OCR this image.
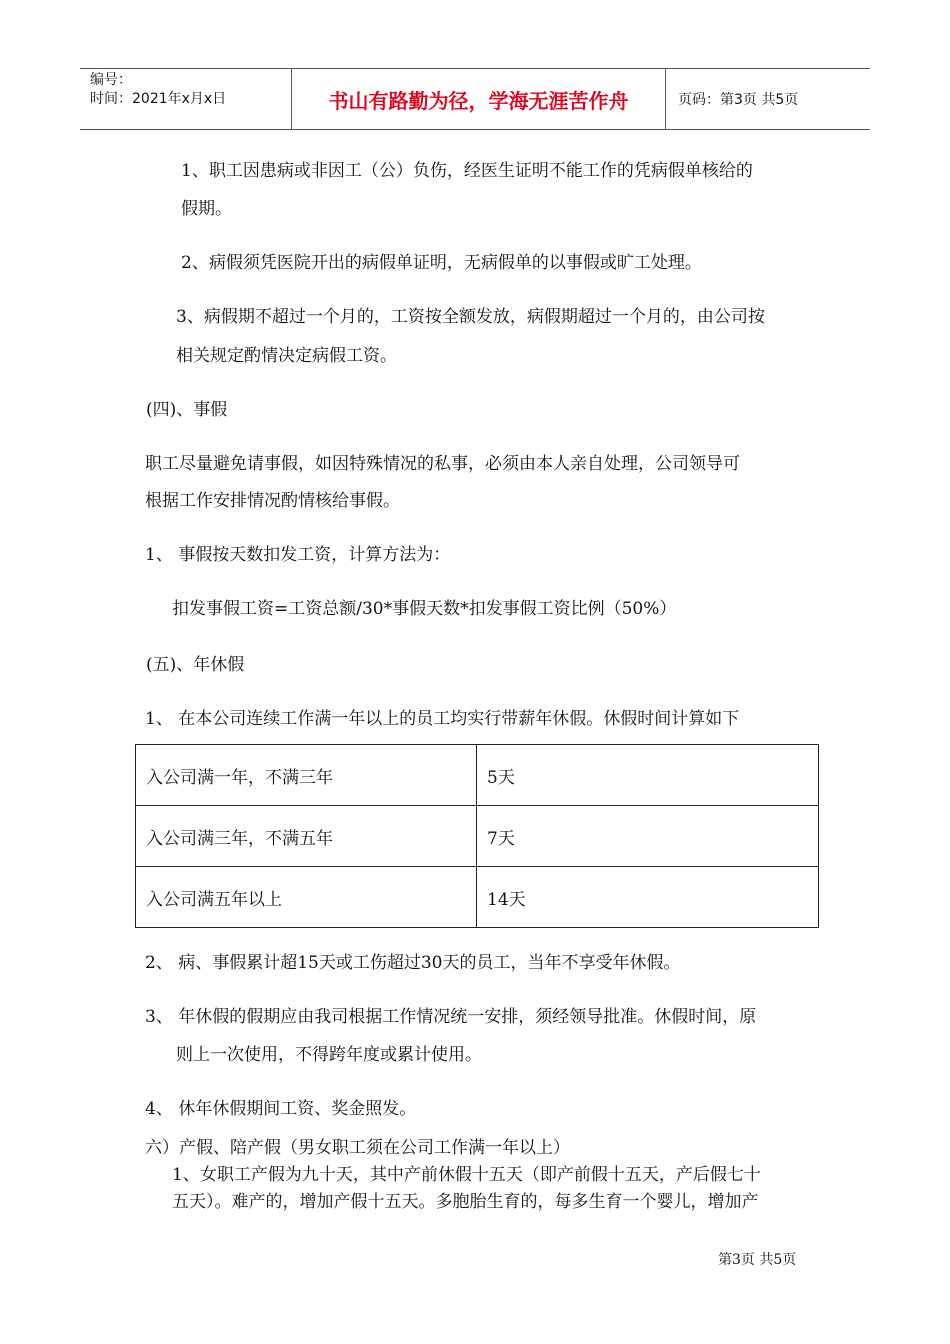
编号：
时间：2021年x月x日	书山有路勤为径，学海无涯苦作舟	页码：第3页 共5页
1、职工因患病或非因工（公）负伤，经医生证明不能工作的凭病假单核给的
假期。
2、病假须凭医院开出的病假单证明，无病假单的以事假或旷工处理。
3、病假期不超过一个月的，工资按全额发放，病假期超过一个月的，由公司按
相关规定酌情决定病假工资。
(四)、事假
职工尽量避免请事假，如因特殊情况的私事，必须由本人亲自处理，公司领导可
根据工作安排情况酌情核给事假。
1、 事假按天数扣发工资，计算方法为：
扣发事假工资=工资总额/30*事假天数*扣发事假工资比例（50%）
(五)、年休假
1、 在本公司连续工作满一年以上的员工均实行带薪年休假。休假时间计算如下
入公司满一年，不满三年	5天
入公司满三年，不满五年	7天
入公司满五年以上	14天
2、 病、事假累计超15天或工伤超过30天的员工，当年不享受年休假。
3、 年休假的假期应由我司根据工作情况统一安排，须经领导批准。休假时间，原
则上一次使用，不得跨年度或累计使用。
4、 休年休假期间工资、奖金照发。
六）产假、陪产假（男女职工须在公司工作满一年以上）
1、女职工产假为九十天，其中产前休假十五天（即产前假十五天，产后假七十
五天）。难产的，增加产假十五天。多胞胎生育的，每多生育一个婴儿，增加产
第3页 共5页
